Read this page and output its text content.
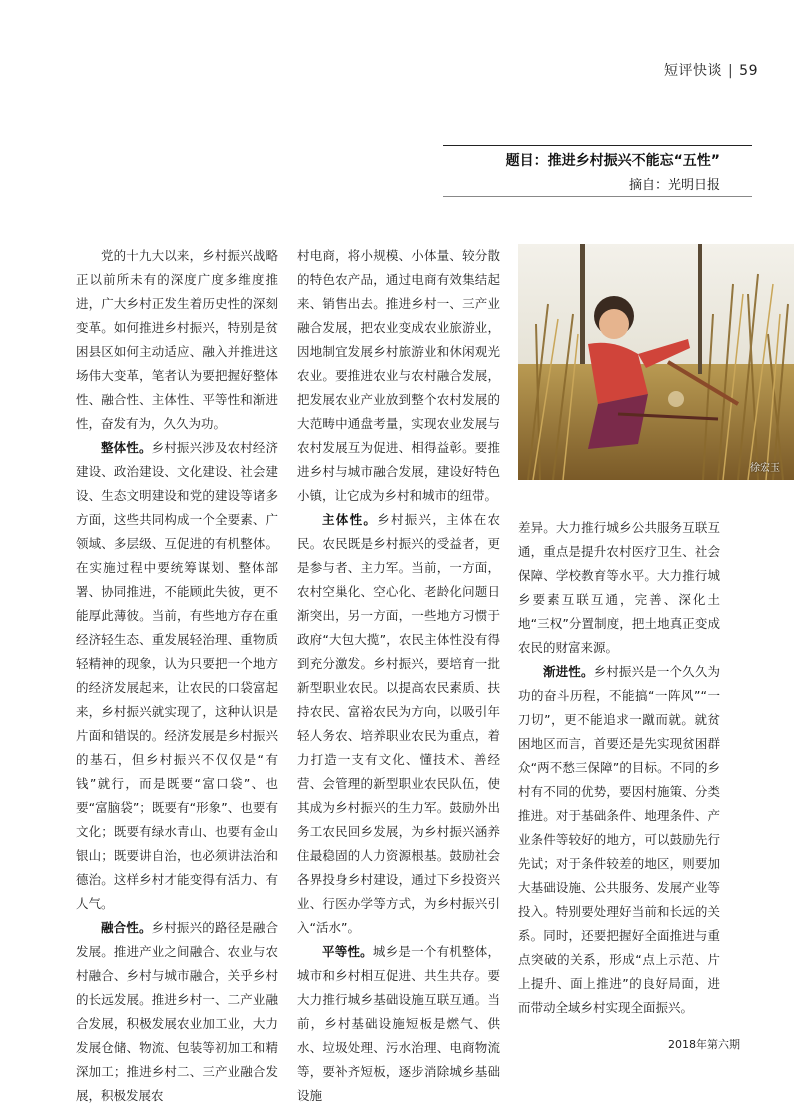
短评快谈 | 59
题目：推进乡村振兴不能忘“五性”
摘自：光明日报

党的十九大以来，乡村振兴战略正以前所未有的深度广度多维度推进，广大乡村正发生着历史性的深刻变革。如何推进乡村振兴，特别是贫困县区如何主动适应、融入并推进这场伟大变革，笔者认为要把握好整体性、融合性、主体性、平等性和渐进性，奋发有为，久久为功。

整体性。乡村振兴涉及农村经济建设、政治建设、文化建设、社会建设、生态文明建设和党的建设等诸多方面，这些共同构成一个全要素、广领域、多层级、互促进的有机整体。在实施过程中要统筹谋划、整体部署、协同推进，不能顾此失彼，更不能厚此薄彼。当前，有些地方存在重经济轻生态、重发展轻治理、重物质轻精神的现象，认为只要把一个地方的经济发展起来，让农民的口袋富起来，乡村振兴就实现了，这种认识是片面和错误的。经济发展是乡村振兴的基石，但乡村振兴不仅仅是“有钱”就行，而是既要“富口袋”、也要“富脑袋”；既要有“形象”、也要有文化；既要有绿水青山、也要有金山银山；既要讲自治，也必须讲法治和德治。这样乡村才能变得有活力、有人气。

融合性。乡村振兴的路径是融合发展。推进产业之间融合、农业与农村融合、乡村与城市融合，关乎乡村的长远发展。推进乡村一、二产业融合发展，积极发展农业加工业，大力发展仓储、物流、包装等初加工和精深加工；推进乡村二、三产业融合发展，积极发展农

村电商，将小规模、小体量、较分散的特色农产品，通过电商有效集结起来、销售出去。推进乡村一、三产业融合发展，把农业变成农业旅游业，因地制宜发展乡村旅游业和休闲观光农业。要推进农业与农村融合发展，把发展农业产业放到整个农村发展的大范畴中通盘考量，实现农业发展与农村发展互为促进、相得益彰。要推进乡村与城市融合发展，建设好特色小镇，让它成为乡村和城市的纽带。

主体性。乡村振兴，主体在农民。农民既是乡村振兴的受益者，更是参与者、主力军。当前，一方面，农村空巢化、空心化、老龄化问题日渐突出，另一方面，一些地方习惯于政府“大包大揽”，农民主体性没有得到充分激发。乡村振兴，要培育一批新型职业农民。以提高农民素质、扶持农民、富裕农民为方向，以吸引年轻人务农、培养职业农民为重点，着力打造一支有文化、懂技术、善经营、会管理的新型职业农民队伍，使其成为乡村振兴的生力军。鼓励外出务工农民回乡发展，为乡村振兴涵养住最稳固的人力资源根基。鼓励社会各界投身乡村建设，通过下乡投资兴业、行医办学等方式，为乡村振兴引入“活水”。

平等性。城乡是一个有机整体，城市和乡村相互促进、共生共存。要大力推行城乡基础设施互联互通。当前，乡村基础设施短板是燃气、供水、垃圾处理、污水治理、电商物流等，要补齐短板，逐步消除城乡基础设施

徐宏玉

差异。大力推行城乡公共服务互联互通，重点是提升农村医疗卫生、社会保障、学校教育等水平。大力推行城乡要素互联互通，完善、深化土地“三权”分置制度，把土地真正变成农民的财富来源。

渐进性。乡村振兴是一个久久为功的奋斗历程，不能搞“一阵风”“一刀切”，更不能追求一蹴而就。就贫困地区而言，首要还是先实现贫困群众“两不愁三保障”的目标。不同的乡村有不同的优势，要因村施策、分类推进。对于基础条件、地理条件、产业条件等较好的地方，可以鼓励先行先试；对于条件较差的地区，则要加大基础设施、公共服务、发展产业等投入。特别要处理好当前和长远的关系。同时，还要把握好全面推进与重点突破的关系，形成“点上示范、片上提升、面上推进”的良好局面，进而带动全域乡村实现全面振兴。

2018年第六期
